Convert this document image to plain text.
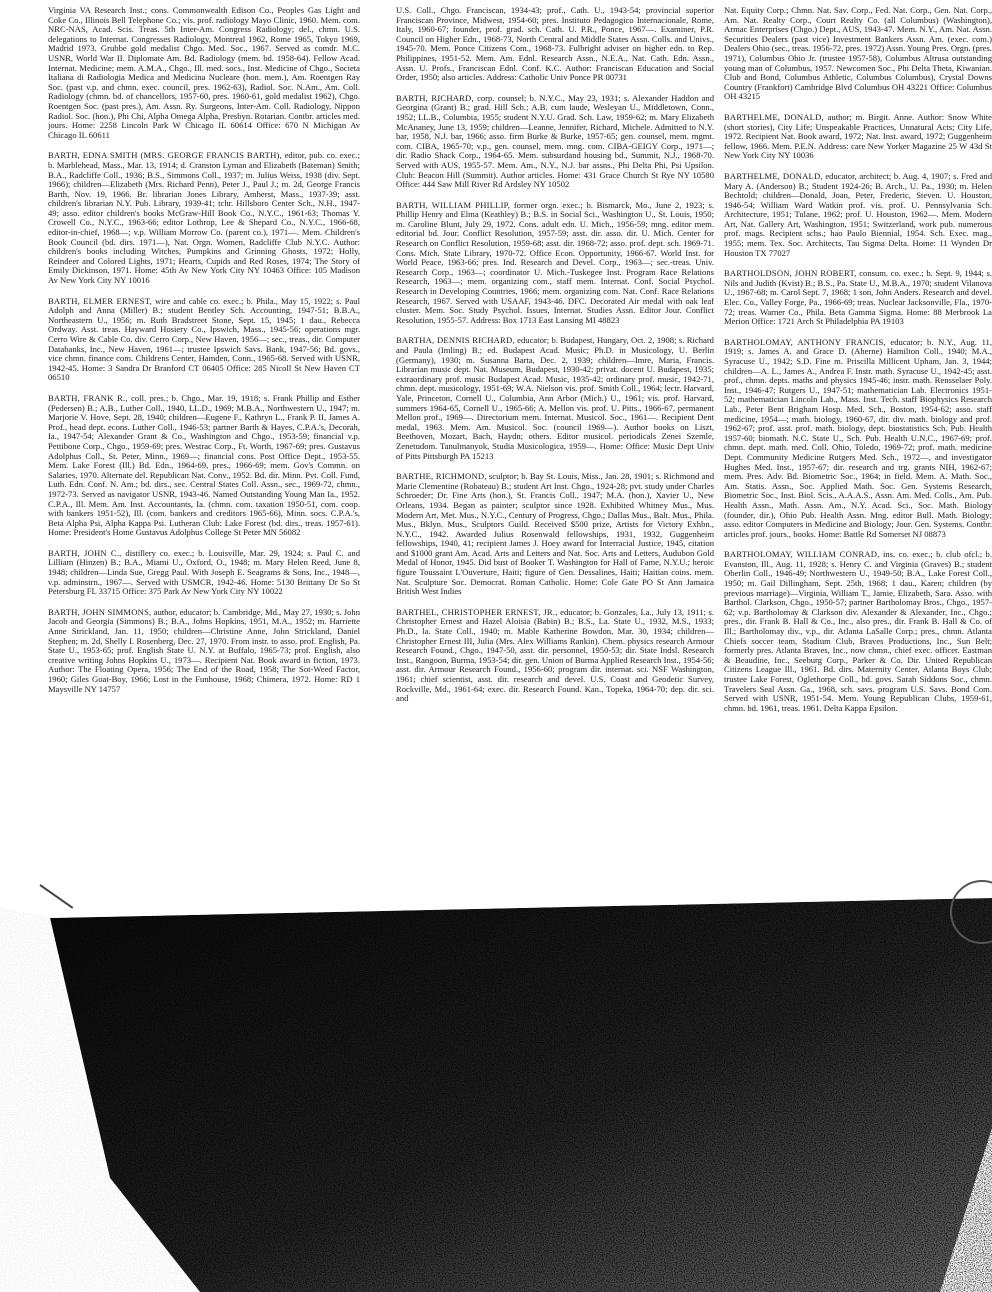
Virginia VA Research Inst.; cons. Commonwealth Edison Co., Peoples Gas Light and Coke Co., Illinois Bell Telephone Co.; vis. prof. radiology Mayo Clinic, 1960. Mem. com. NRC-NAS, Acad. Scis. Treas. 5th Inter-Am. Congress Radiology; del., chmn. U.S. delegations to Internat. Congresses Radiology, Montreal 1962, Rome 1965, Tokyo 1969, Madrid 1973. Grubbe gold medalist Chgo. Med. Soc., 1967. Served as comdr. M.C. USNR, World War II. Diplomate Am. Bd. Radiology (mem. bd. 1958-64). Fellow Acad. Internat. Medicine; mem. A.M.A., Chgo., Ill. med. socs., Inst. Medicine of Chgo., Societa Italiana di Radiologia Medica and Medicina Nucleare (hon. mem.), Am. Roentgen Ray Soc. (past v.p. and chmn. exec. council, pres. 1962-63), Radiol. Soc. N.Am., Am. Coll. Radiology (chmn. bd. of chancellors, 1957-60, pres. 1960-61, gold medalist 1962), Chgo. Roentgen Soc. (past pres.), Am. Assn. Ry. Surgeons, Inter-Am. Coll. Radiology, Nippon Radiol. Soc. (hon.), Phi Chi, Alpha Omega Alpha, Presbyn. Rotarian. Contbr. articles med. jours. Home: 2258 Lincoln Park W Chicago IL 60614 Office: 670 N Michigan Av Chicago IL 60611
BARTH, EDNA SMITH (MRS. GEORGE FRANCIS BARTH), editor, pub. co. exec.; b. Marblehead, Mass., Mar. 13, 1914; d. Cranston Lyman and Elizabeth (Bateman) Smith; B.A., Radcliffe Coll., 1936; B.S., Simmons Coll., 1937; m. Julius Weiss, 1938 (div. Sept. 1966); children—Elizabeth (Mrs. Richard Penn), Peter J., Paul J.; m. 2d, George Francis Barth, Nov. 19, 1966. Br. librarian Jones Library, Amherst, Mass., 1937-39; asst. children's librarian N.Y. Pub. Library, 1939-41; tchr. Hillsboro Center Sch., N.H., 1947-49; asso. editor children's books McGraw-Hill Book Co., N.Y.C., 1961-63; Thomas Y. Crowell Co., N.Y.C., 1963-66; editor Lothrop, Lee & Shepard Co., N.Y.C., 1966-68, editor-in-chief, 1968—; v.p. William Morrow Co. (parent co.), 1971—. Mem. Children's Book Council (bd. dirs. 1971—), Nat. Orgn. Women, Radcliffe Club N.Y.C. Author: children's books including Witches, Pumpkins and Grinning Ghosts, 1972; Holly, Reindeer and Colored Lights, 1971; Hearts, Cupids and Red Roses, 1974; The Story of Emily Dickinson, 1971. Home: 45th Av New York City NY 10463 Office: 105 Madison Av New York City NY 10016
BARTH, ELMER ERNEST, wire and cable co. exec.; b. Phila., May 15, 1922; s. Paul Adolph and Anna (Miller) B.; student Bentley Sch. Accounting, 1947-51; B.B.A., Northeastern U., 1956; m. Ruth Bradstreet Stone, Sept. 15, 1945; 1 dau., Rebecca Ordway. Asst. treas. Hayward Hosiery Co., Ipswich, Mass., 1945-56; operations mgr. Cerro Wire & Cable Co. div. Cerro Corp., New Haven, 1956—; sec., treas., dir. Computer Databanks, Inc., New Haven, 1961—; trustee Ipswich Savs. Bank, 1947-56; Bd. govs., vice chmn. finance com. Childrens Center, Hamden, Conn., 1965-68. Served with USNR, 1942-45. Home: 3 Sandra Dr Branford CT 06405 Office: 285 Nicoll St New Haven CT 06510
BARTH, FRANK R., coll. pres.; b. Chgo., Mar. 19, 1918; s. Frank Phillip and Esther (Pedersen) B.; A.B., Luther Coll., 1940, LL.D., 1969; M.B.A., Northwestern U., 1947; m. Marjorie V. Hove, Sept. 28, 1940; children—Eugene F., Kathryn L., Frank P. II, James A. Prof., head dept. econs. Luther Coll., 1946-53; partner Barth & Hayes, C.P.A.'s, Decorah, Ia., 1947-54; Alexander Grant & Co., Washington and Chgo., 1953-59; financial v.p. Pettibone Corp., Chgo., 1959-69; pres. Westrac Corp., Ft. Worth, 1967-69; pres. Gustavus Adolphus Coll., St. Peter, Minn., 1969—; financial cons. Post Office Dept., 1953-55. Mem. Lake Forest (Ill.) Bd. Edn., 1964-69, pres., 1966-69; mem. Gov's Commn. on Salaries, 1970. Alternate del. Republican Nat. Conv., 1952. Bd. dir. Minn. Pvt. Coll. Fund, Luth. Edn. Conf. N. Am.; bd. dirs., sec. Central States Coll. Assn., sec., 1969-72, chmn., 1972-73. Served as navigator USNR, 1943-46. Named Outstanding Young Man Ia., 1952. C.P.A., Ill. Mem. Am. Inst. Accountants, Ia. (chmn. com. taxation 1950-51, com. coop. with bankers 1951-52), Ill. (com. bankers and creditors 1965-66), Minn. socs. C.P.A.'s, Beta Alpha Psi, Alpha Kappa Psi. Lutheran Club: Lake Forest (bd. dirs., treas. 1957-61). Home: President's Home Gustavus Adolphus College St Peter MN 56082
BARTH, JOHN C., distillery co. exec.; b. Louisville, Mar. 29, 1924; s. Paul C. and Lilliam (Hinzen) B.; B.A., Miami U., Oxford, O., 1948; m. Mary Helen Reed, June 8, 1948; children—Linda Sue, Gregg Paul. With Joseph E. Seagrams & Sons, Inc., 1948—, v.p. adminstrn., 1967—. Served with USMCR, 1942-46. Home: 5130 Brittany Dr So St Petersburg FL 33715 Office: 375 Park Av New York City NY 10022
BARTH, JOHN SIMMONS, author, educator; b. Cambridge, Md., May 27, 1930; s. John Jacob and Georgia (Simmons) B.; B.A., Johns Hopkins, 1951, M.A., 1952; m. Harriette Anne Strickland, Jan. 11, 1950; children—Christine Anne, John Strickland, Daniel Stephen; m. 2d, Shelly I. Rosenberg, Dec. 27, 1970. From instr. to asso. prof. English, Pa. State U., 1953-65; prof. English State U. N.Y. at Buffalo, 1965-73; prof. English, also creative writing Johns Hopkins U., 1973—. Recipient Nat. Book award in fiction, 1973. Author: The Floating Opera, 1956; The End of the Road, 1958; The Sot-Weed Factor, 1960; Giles Goat-Boy, 1966; Lost in the Funhouse, 1968; Chimera, 1972. Home: RD 1 Maysville NY 14757
U.S. Coll., Chgo. Franciscan, 1934-43; prof., Cath. U., 1943-54; provincial superior Franciscan Province, Midwest, 1954-60; pres. Instituto Pedagogico Internacionale, Rome, Italy, 1960-67; founder, prof. grad. sch. Cath. U. P.R., Ponce, 1967—. Examiner, P.R. Council on Higher Edn., 1968-73, North Central and Middle States Assn. Colls. and Univs., 1945-70. Mem. Ponce Citizens Com., 1968-73. Fulbright adviser on higher edn. to Rep. Philippines, 1951-52. Mem. Am. Ednl. Research Assn., N.E.A., Nat. Cath. Edn. Assn., Assn. U. Profs., Franciscan Ednl. Conf. K.C. Author: Franciscan Education and Social Order, 1950; also articles. Address: Catholic Univ Ponce PR 00731
BARTH, RICHARD, corp. counsel; b. N.Y.C., May 23, 1931; s. Alexander Haddon and Georgina (Grant) B.; grad. Hill Sch.; A.B. cum laude, Wesleyan U., Middletown, Conn., 1952; LL.B., Columbia, 1955; student N.Y.U. Grad. Sch. Law, 1959-62; m. Mary Elizabeth McAnaney, June 13, 1959; children—Leanne, Jennifer, Richard, Michele. Admitted to N.Y. bar, 1958, N.J. bar, 1966; asso. firm Burke & Burke, 1957-65; gen. counsel, mem. mgmt. com. CIBA, 1965-70; v.p., gen. counsel, mem. mng. com. CIBA-GEIGY Corp., 1971—; dir. Radio Shack Corp., 1964-65. Mem. subsurdand housing bd., Summit, N.J., 1968-70. Served with AUS, 1955-57. Mem. Am., N.Y., N.J. bar assns., Phi Delta Phi, Psi Upsilon. Club: Beacon Hill (Summit). Author articles. Home: 431 Grace Church St Rye NY 10580 Office: 444 Saw Mill River Rd Ardsley NY 10502
BARTH, WILLIAM PHILLIP, former orgn. exec.; b. Bismarck, Mo., June 2, 1923; s. Phillip Henry and Elma (Keathley) B.; B.S. in Social Sci., Washington U., St. Louis, 1950; m. Caroline Blunt, July 29, 1972. Cons. adult edn. U. Mich., 1956-59; mng. editor mem. editorial bd. Jour. Conflict Resolution, 1957-59; asst. dir. asso. dir. U. Mich. Center for Research on Conflict Resolution, 1959-68; asst. dir. 1968-72; asso. prof. dept. sch. 1969-71. Cons. Mich. State Library, 1970-72. Office Econ. Opportunity, 1966-67. World Inst. for World Peace, 1963-66; pres. Ind. Research and Devel. Corp., 1963—; sec.-treas. Univ. Research Corp., 1963—; coordinator U. Mich.-Tuskegee Inst. Program Race Relations Research, 1963—; mem. organizing com., staff mem. Internat. Conf. Social Psychol. Research in Developing Countries, 1966; mem. organizing com. Nat. Conf. Race Relations Research, 1967. Served with USAAF, 1943-46. DFC. Decorated Air medal with oak leaf cluster. Mem. Soc. Study Psychol. Issues, Internat. Studies Assn. Editor Jour. Conflict Resolution, 1955-57. Address: Box 1713 East Lansing MI 48823
BARTHA, DENNIS RICHARD, educator; b. Budapest, Hungary, Oct. 2, 1908; s. Richard and Paula (Imling) B.; ed. Budapest Acad. Music; Ph.D. in Musicology, U. Berlin (Germany), 1930; m. Susanna Barta, Dec. 2, 1939; children—Imre, Maria, Francis. Librarian music dept. Nat. Museum, Budapest, 1930-42; privat. docent U. Budapest, 1935; extraordinary prof. music Budapest Acad. Music, 1935-42; ordinary prof. music, 1942-71, chmn. dept. musicology, 1951-69; W.A. Nielson vis. prof. Smith Coll., 1964; lectr. Harvard, Yale, Princeton, Cornell U., Columbia, Ann Arbor (Mich.) U., 1961; vis. prof. Harvard, summers 1964-65, Cornell U., 1965-66; A. Mellon vis. prof. U. Pitts., 1966-67, permanent Mellon prof., 1969—. Directorium mem. Internat. Musicol. Soc., 1961—. Recipient Dent medal, 1963. Mem. Am. Musicol. Soc. (council 1969—). Author books on Liszt, Beethoven, Mozart, Bach, Haydn; others. Editor musicol. periodicals Zenei Szemle, Zenetudom. Tanulmanyok, Studia Musicologica, 1959—. Home: Office: Music Dept Univ of Pitts Pittsburgh PA 15213
BARTHE, RICHMOND, sculptor; b. Bay St. Louis, Miss., Jan. 28, 1901; s. Richmond and Marie Clementine (Robateau) B.; student Art Inst. Chgo., 1924-28; pvt. study under Charles Schroeder; Dr. Fine Arts (hon.), St. Francis Coll., 1947; M.A. (hon.), Xavier U., New Orleans, 1934. Began as painter; sculptor since 1928. Exhibited Whitney Mus., Mus. Modern Art, Met. Mus., N.Y.C., Century of Progress, Chgo.; Dallas Mus., Balt. Mus., Phila. Mus., Bklyn. Mus., Sculptors Guild. Received $500 prize, Artists for Victory Exhbn., N.Y.C., 1942. Awarded Julius Rosenwald fellowships, 1931, 1932, Guggenheim fellowships, 1940, 41; recipient James J. Hoey award for Interracial Justice, 1945, citation and $1000 grant Am. Acad. Arts and Letters and Nat. Soc. Arts and Letters, Audubon Gold Medal of Honor, 1945. Did bust of Booker T. Washington for Hall of Fame, N.Y.U.; heroic figure Toussaint L'Ouverture, Haiti; figure of Gen. Dessalines, Haiti; Haitian coins. mem. Nat. Sculpture Soc. Democrat. Roman Catholic. Home: Cole Gate PO St Ann Jamaica British West Indies
BARTHEL, CHRISTOPHER ERNEST, JR., educator; b. Gonzales, La., July 13, 1911; s. Christopher Ernest and Hazel Aloisia (Babin) B.; B.S., La. State U., 1932, M.S., 1933; Ph.D., la. State Coll., 1940; m. Mable Katherine Bowdon, Mar. 30, 1934; children—Christopher Ernest III, Julia (Mrs. Alex Williams Rankin). Chem. physics research Armour Research Found., Chgo., 1947-50, asst. dir. personnel, 1950-53; dir. State Indsl. Research Inst., Rangoon, Burma, 1953-54; dir. gen. Union of Burma Applied Research Inst., 1954-56; asst. dir. Armour Research Found., 1956-60; program dir. internat. sci. NSF Washington, 1961; chief scientist, asst. dir. research and devel. U.S. Coast and Geodetic Survey, Rockville, Md., 1961-64; exec. dir. Research Found. Kan., Topeka, 1964-70; dep. dir. sci. and
Nat. Equity Corp.; Chmn. Nat. Sav. Corp., Fed. Nat. Corp., Gen. Nat. Corp., Am. Nat. Realty Corp., Court Realty Co. (all Columbus) (Washington), Armac Enterprises (Chgo.) Dept., AUS, 1943-47. Mem. N.Y., Am. Nat. Assn. Securities Dealers (past vice) Investment Bankers Assn. Am. (exec. com.) Dealers Ohio (sec., treas. 1956-72, pres. 1972) Assn. Young Pres. Orgn. (pres. 1971), Columbus Ohio Jr. (trustee 1957-58), Columbus Altrusa outstanding young man of Columbus, 1957. Newcomen Soc., Phi Delta Theta, Kiwanian. Club and Bond, Columbus Athletic, Columbus Columbus), Crystal Downs Country (Frankfort) Cambridge Blvd Columbus OH 43221 Office: Columbus OH 43215
BARTHELME, DONALD, author; m. Birgit. Anne. Author: Snow White (short stories), City Life; Unspeakable Practices, Unnatural Acts; City Life, 1972. Recipient Nat. Book award, 1972; Nat. Inst. award, 1972; Guggenheim fellow, 1966. Mem. P.E.N. Address: care New Yorker Magazine 25 W 43d St New York City NY 10036
BARTHELME, DONALD, educator, architect; b. Aug. 4, 1907; s. Fred and Mary A. (Anderson) B.; Student 1924-26; B. Arch., U. Pa., 1930; m. Helen Bechtold; children—Donald, Joan, Peter, Frederic, Steven. U. Houston, 1946-54; William Ward Watkin prof. vis. prof. U. Pennsylvania Sch. Architecture, 1951; Tulane, 1962; prof. U. Houston, 1962—. Mem. Modern Art, Nat. Gallery Art, Washington, 1951; Switzerland, work pub. numerous prof. mags. Recipient schs.; hao Paulo Biennial, 1954. Sch. Exec. mag., 1955; mem. Tex. Soc. Architects, Tau Sigma Delta. Home: 11 Wynden Dr Houston TX 77027
BARTHOLDSON, JOHN ROBERT, consum. co. exec.; b. Sept. 9, 1944; s. Nils and Judith (Kvist) B.; B.S., Pa. State U., M.B.A., 1970; student Vilanova U., 1967-68; m. Carol Sept. 7, 1968; 1 son, John Anders. Research and devel. Elec. Co., Valley Forge, Pa., 1966-69; treas. Nuclear Jacksonville, Fla., 1970-72; treas. Warner Co., Phila. Beta Gamma Sigma. Home: 88 Merbrook La Merion Office: 1721 Arch St Philadelphia PA 19103
BARTHOLOMAY, ANTHONY FRANCIS, educator; b. N.Y., Aug. 11, 1919; s. James A. and Grace D. (Aherne) Hamilton Coll., 1940; M.A., Syracuse U., 1942; S.D. Fine m. Priscilla Millicent Upham, Jan. 3, 1944; children—A. L., James A., Andrea F. Instr. math. Syracuse U., 1942-45; asst. prof., chmn. depts. maths and physics 1945-46; instr. math. Rensselaer Poly. Inst., 1946-47; Rutgers U., 1947-51; mathematician Lab. Electronics 1951-52; mathematician Lincoln Lab., Mass. Inst. Tech. staff Biophysics Research Lab., Peter Bent Brigham Hosp. Med. Sch., Boston, 1954-62; asso. staff medicine, 1954—; math. biology, 1960-67, dir. div. math. biology and prof. 1962-67; prof. asst. prof. math. biology, dept. biostatistics Sch. Pub. Health 1957-60; biomath. N.C. State U., Sch. Pub. Health U.N.C., 1967-69; prof. chmn. dept. math. med. Coll. Ohio, Toledo, 1969-72; prof. math. medicine Dept. Community Medicine Rutgers Med. Sch., 1972—, and investigator Hughes Med. Inst., 1957-67; dir. research and trg. grants NIH, 1962-67; mem. Pres. Adv. Bd. Biometric Soc., 1964; in field. Mem. A. Math. Soc., Am. Statis. Assn., Soc. Applied Math. Soc. Gen. Systems Research, Biometric Soc., Inst. Biol. Scis., A.A.A.S., Assn. Am. Med. Colls., Am. Pub. Health Assn., Math. Assn. Am., N.Y. Acad. Sci., Soc. Math. Biology (founder, dir.), Ohio Pub. Health Assn. Mng. editor Bull. Math. Biology; asso. editor Computers in Medicine and Biology; Jour. Gen. Systems. Contbr. articles prof. jours., books. Home: Battle Rd Somerset NJ 08873
BARTHOLOMAY, WILLIAM CONRAD, ins. co. exec.; b. club ofcl.; b. Evanston, Ill., Aug. 11, 1928; s. Henry C. and Virginia (Graves) B.; student Oberlin Coll., 1946-49; Northwestern U., 1949-50; B.A., Lake Forest Coll., 1950; m. Gail Dillingham, Sept. 25th, 1968; 1 dau., Karen; children (by previous marriage)—Virginia, William T., Jamie, Elizabeth, Sara. Asso. with Barthol. Clarkson, Chgo., 1950-57; partner Bartholomay Bros., Chgo., 1957-62; v.p. Bartholomay & Clarkson div. Alexander & Alexander, Inc., Chgo.; pres., dir. Frank B. Hall & Co., Inc., also pres., dir. Frank B. Hall & Co. of Ill.; Bartholomay div., v.p., dir. Atlanta LaSalle Corp.; pres., chmn. Atlanta Chiefs soccer team, Stadium Club, Braves Productions, Inc., Sun Belt; formerly pres. Atlanta Braves, Inc., now chmn., chief exec. officer. Eastman & Beaudine, Inc., Seeburg Corp., Parker & Co. Dir. United Republican Citizens League Ill., 1961. Bd. dirs. Maternity Center, Atlanta Boys Club; trustee Lake Forest, Oglethorpe Coll., bd. govs. Sarah Siddons Soc., chmn. Travelers Seal Assn. Ga., 1968, sch. savs. program U.S. Savs. Bond Com. Served with USNR, 1951-54. Mem. Young Republican Clubs, 1959-61, chmn. bd. 1961, treas. 1961. Delta Kappa Epsilon.
